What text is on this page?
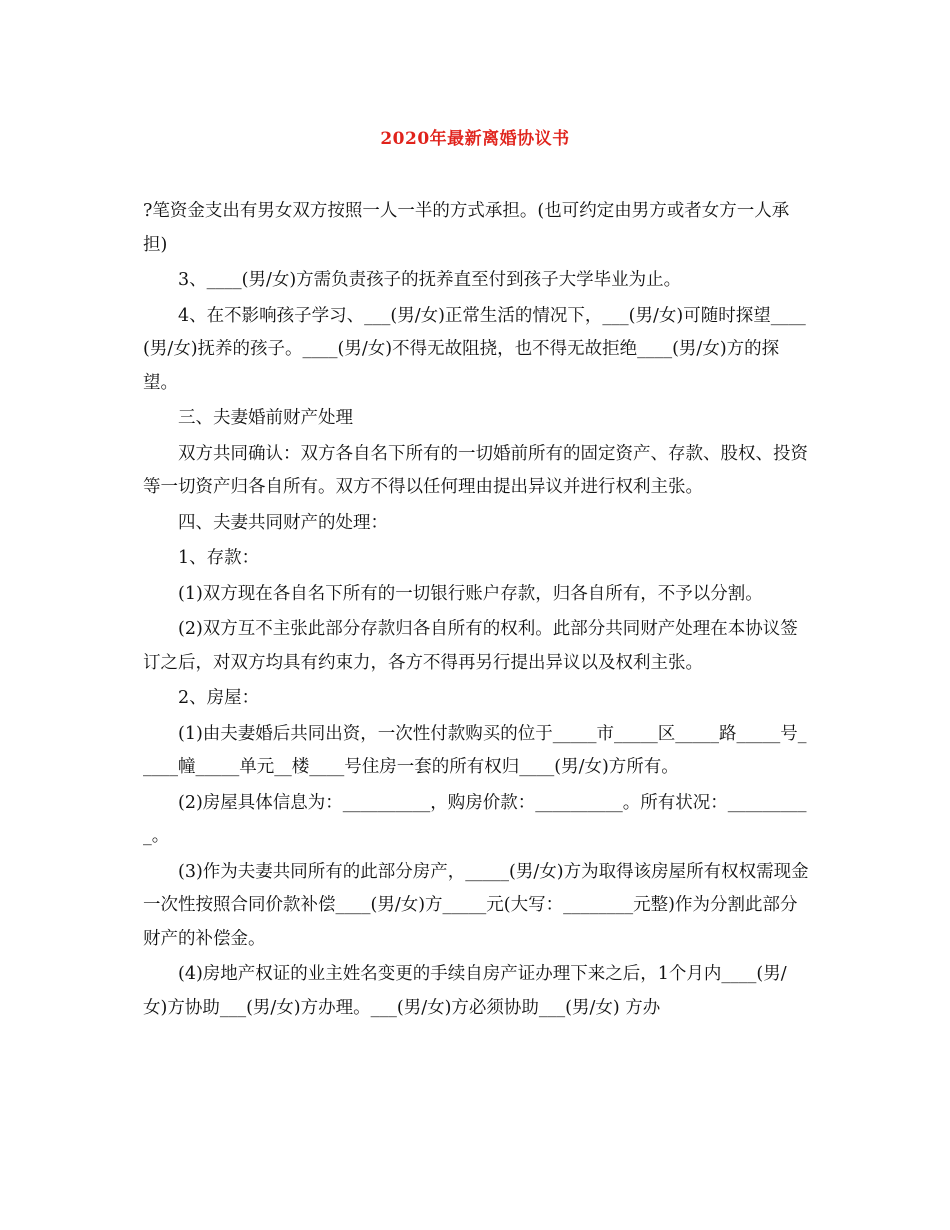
2020年最新离婚协议书

?笔资金支出有男女双方按照一人一半的方式承担。(也可约定由男方或者女方一人承担)

3、____(男/女)方需负责孩子的抚养直至付到孩子大学毕业为止。

4、在不影响孩子学习、___(男/女)正常生活的情况下，___(男/女)可随时探望____(男/女)抚养的孩子。____(男/女)不得无故阻挠，也不得无故拒绝____(男/女)方的探望。

三、夫妻婚前财产处理

双方共同确认：双方各自名下所有的一切婚前所有的固定资产、存款、股权、投资等一切资产归各自所有。双方不得以任何理由提出异议并进行权利主张。

四、夫妻共同财产的处理：

1、存款：

(1)双方现在各自名下所有的一切银行账户存款，归各自所有，不予以分割。

(2)双方互不主张此部分存款归各自所有的权利。此部分共同财产处理在本协议签订之后，对双方均具有约束力，各方不得再另行提出异议以及权利主张。

2、房屋：

(1)由夫妻婚后共同出资，一次性付款购买的位于_____市_____区_____路_____号_____幢_____单元__楼____号住房一套的所有权归____(男/女)方所有。

(2)房屋具体信息为：__________，购房价款：__________。所有状况：__________。

(3)作为夫妻共同所有的此部分房产，_____(男/女)方为取得该房屋所有权权需现金一次性按照合同价款补偿____(男/女)方_____元(大写：________元整)作为分割此部分财产的补偿金。

(4)房地产权证的业主姓名变更的手续自房产证办理下来之后，1个月内____(男/女)方协助___(男/女)方办理。___(男/女)方必须协助___(男/女) 方办
